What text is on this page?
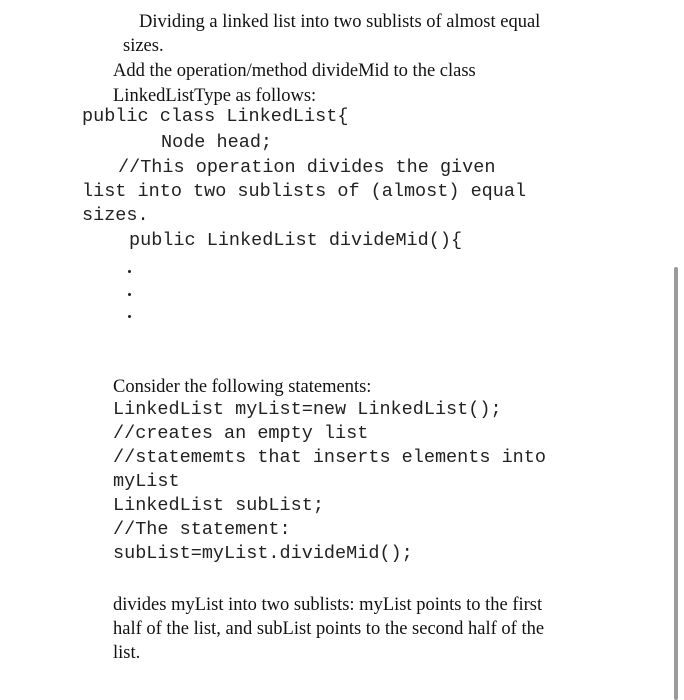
Dividing a linked list into two sublists of almost equal
sizes.
Add the operation/method divideMid to the class
LinkedListType as follows:
public class LinkedList{
Node head;
//This operation divides the given
list into two sublists of (almost) equal
sizes.
public LinkedList divideMid(){
Consider the following statements:
LinkedList myList=new LinkedList();
//creates an empty list
//statememts that inserts elements into
myList
LinkedList subList;
//The statement:
subList=myList.divideMid();
divides myList into two sublists: myList points to the first
half of the list, and subList points to the second half of the
list.
